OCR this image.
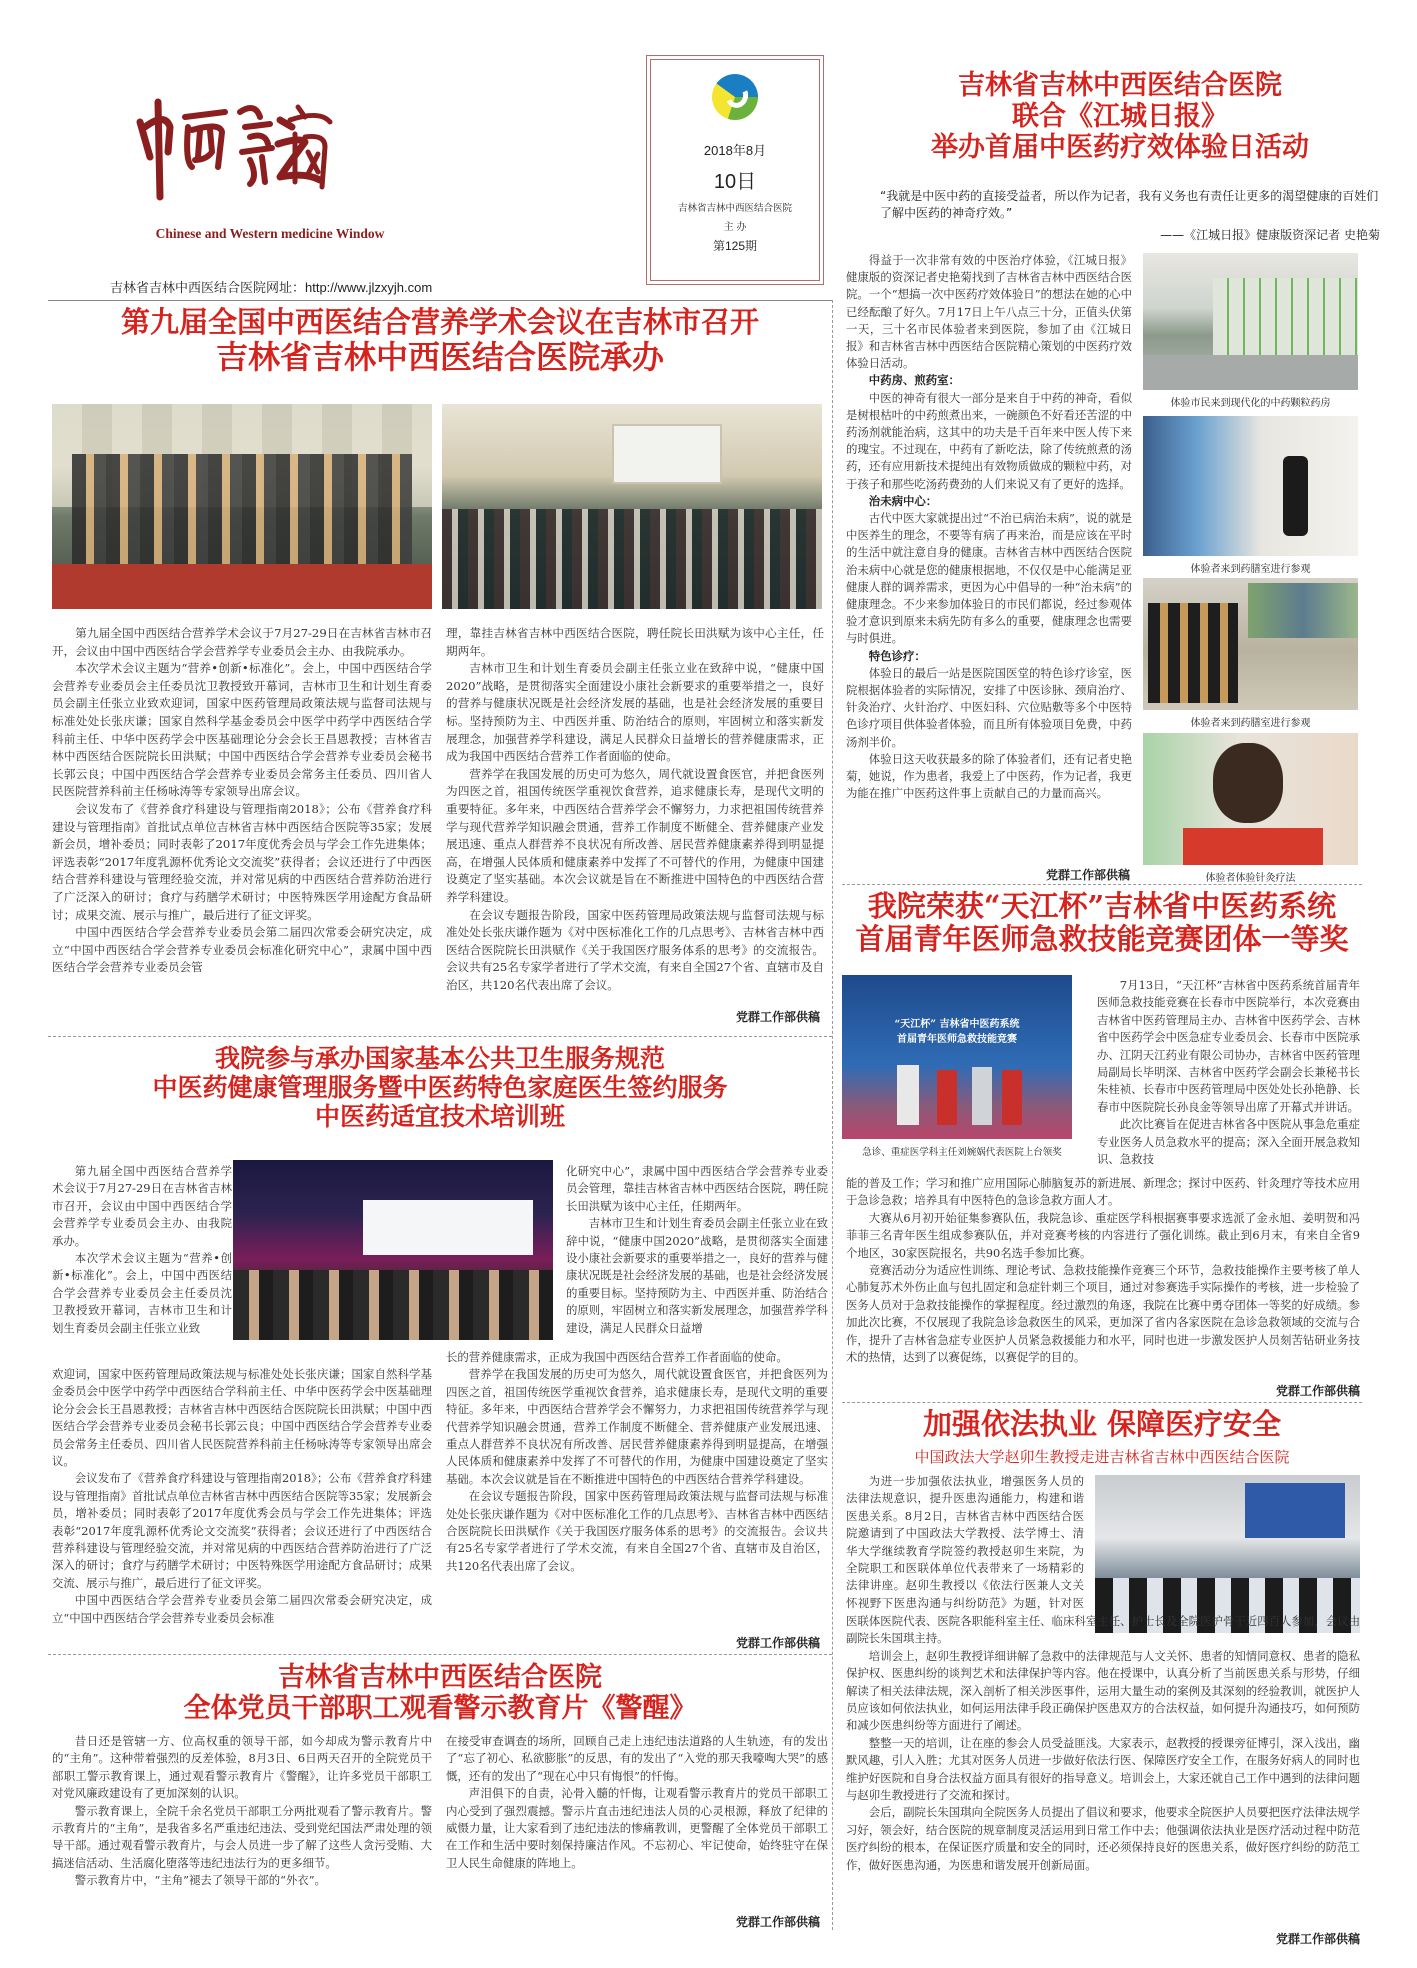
Chinese and Western medicine Window
2018年8月
10日
吉林省吉林中西医结合医院
主 办
第125期
吉林省吉林中西医结合医院网址：http://www.jlzxyjh.com
第九届全国中西医结合营养学术会议在吉林市召开
吉林省吉林中西医结合医院承办

第九届全国中西医结合营养学术会议于7月27-29日在吉林省吉林市召开，会议由中国中西医结合学会营养学专业委员会主办、由我院承办。

本次学术会议主题为“营养•创新•标准化”。会上，中国中西医结合学会营养专业委员会主任委员沈卫教授致开幕词，吉林市卫生和计划生育委员会副主任张立业致欢迎词，国家中医药管理局政策法规与监督司法规与标准处处长张庆谦；国家自然科学基金委员会中医学中药学中西医结合学科前主任、中华中医药学会中医基础理论分会会长王昌恩教授；吉林省吉林中西医结合医院院长田洪赋；中国中西医结合学会营养专业委员会秘书长郭云良；中国中西医结合学会营养专业委员会常务主任委员、四川省人民医院营养科前主任杨咏涛等专家领导出席会议。

会议发布了《营养食疗科建设与管理指南2018》；公布《营养食疗科建设与管理指南》首批试点单位吉林省吉林中西医结合医院等35家；发展新会员，增补委员；同时表彰了2017年度优秀会员与学会工作先进集体；评选表彰“2017年度乳源杯优秀论文交流奖”获得者；会议还进行了中西医结合营养科建设与管理经验交流，并对常见病的中西医结合营养防治进行了广泛深入的研讨；食疗与药膳学术研讨；中医特殊医学用途配方食品研讨；成果交流、展示与推广，最后进行了征文评奖。

中国中西医结合学会营养专业委员会第二届四次常委会研究决定，成立“中国中西医结合学会营养专业委员会标准化研究中心”，隶属中国中西医结合学会营养专业委员会管

理，靠挂吉林省吉林中西医结合医院，聘任院长田洪赋为该中心主任，任期两年。

吉林市卫生和计划生育委员会副主任张立业在致辞中说，“健康中国2020”战略，是贯彻落实全面建设小康社会新要求的重要举措之一，良好的营养与健康状况既是社会经济发展的基础，也是社会经济发展的重要目标。坚持预防为主、中西医并重、防治结合的原则，牢固树立和落实新发展理念，加强营养学科建设，满足人民群众日益增长的营养健康需求，正成为我国中西医结合营养工作者面临的使命。

营养学在我国发展的历史可为悠久，周代就设置食医官，并把食医列为四医之首，祖国传统医学重视饮食营养，追求健康长寿，是现代文明的重要特征。多年来，中西医结合营养学会不懈努力，力求把祖国传统营养学与现代营养学知识融会贯通，营养工作制度不断健全、营养健康产业发展迅速、重点人群营养不良状况有所改善、居民营养健康素养得到明显提高，在增强人民体质和健康素养中发挥了不可替代的作用，为健康中国建设奠定了坚实基础。本次会议就是旨在不断推进中国特色的中西医结合营养学科建设。

在会议专题报告阶段，国家中医药管理局政策法规与监督司法规与标准处处长张庆谦作题为《对中医标准化工作的几点思考》、吉林省吉林中西医结合医院院长田洪赋作《关于我国医疗服务体系的思考》的交流报告。会议共有25名专家学者进行了学术交流，有来自全国27个省、直辖市及自治区，共120名代表出席了会议。

党群工作部供稿
吉林省吉林中西医结合医院
联合《江城日报》
举办首届中医药疗效体验日活动
“我就是中医中药的直接受益者，所以作为记者，我有义务也有责任让更多的渴望健康的百姓们了解中医药的神奇疗效。”
——《江城日报》健康版资深记者 史艳菊

得益于一次非常有效的中医治疗体验，《江城日报》健康版的资深记者史艳菊找到了吉林省吉林中西医结合医院。一个“想搞一次中医药疗效体验日”的想法在她的心中已经酝酿了好久。7月17日上午八点三十分，正值头伏第一天，三十名市民体验者来到医院，参加了由《江城日报》和吉林省吉林中西医结合医院精心策划的中医药疗效体验日活动。

中药房、煎药室：

中医的神奇有很大一部分是来自于中药的神奇，看似是树根枯叶的中药煎煮出来，一碗颜色不好看还苦涩的中药汤剂就能治病，这其中的功夫是千百年来中医人传下来的瑰宝。不过现在，中药有了新吃法，除了传统煎煮的汤药，还有应用新技术提纯出有效物质做成的颗粒中药，对于孩子和那些吃汤药费劲的人们来说又有了更好的选择。

治未病中心：

古代中医大家就提出过“不治已病治未病”，说的就是中医养生的理念，不要等有病了再来治，而是应该在平时的生活中就注意自身的健康。吉林省吉林中西医结合医院治未病中心就是您的健康根据地，不仅仅是中心能满足亚健康人群的调养需求，更因为心中倡导的一种“治未病”的健康理念。不少来参加体验日的市民们都说，经过参观体验才意识到原来未病先防有多么的重要，健康理念也需要与时俱进。

特色诊疗：

体验日的最后一站是医院国医堂的特色诊疗诊室，医院根据体验者的实际情况，安排了中医诊脉、颈肩治疗、针灸治疗、火针治疗、中医妇科、穴位贴敷等多个中医特色诊疗项目供体验者体验，而且所有体验项目免费，中药汤剂半价。

体验日这天收获最多的除了体验者们，还有记者史艳菊，她说，作为患者，我爱上了中医药，作为记者，我更为能在推广中医药这件事上贡献自己的力量而高兴。

党群工作部供稿
体验市民来到现代化的中药颗粒药房
体验者来到药膳室进行参观
体验者来到药膳室进行参观
体验者体验针灸疗法
我院荣获“天江杯”吉林省中医药系统
首届青年医师急救技能竞赛团体一等奖
“天江杯” 吉林省中医药系统
首届青年医师急救技能竞赛
急诊、重症医学科主任刘婉娲代表医院上台领奖

7月13日，“天江杯”吉林省中医药系统首届青年医师急救技能竞赛在长春市中医院举行，本次竞赛由吉林省中医药管理局主办、吉林省中医药学会、吉林省中医药学会中医急症专业委员会、长春市中医院承办、江阴天江药业有限公司协办，吉林省中医药管理局副局长毕明深、吉林省中医药学会副会长兼秘书长朱桂祯、长春市中医药管理局中医处处长孙艳静、长春市中医院院长孙良金等领导出席了开幕式并讲话。

此次比赛旨在促进吉林省各中医院从事急危重症专业医务人员急救水平的提高；深入全面开展急救知识、急救技

能的普及工作；学习和推广应用国际心肺脑复苏的新进展、新理念；探讨中医药、针灸理疗等技术应用于急诊急救；培养具有中医特色的急诊急救方面人才。

大赛从6月初开始征集参赛队伍，我院急诊、重症医学科根据赛事要求选派了金永旭、姜明贺和冯菲菲三名青年医生组成参赛队伍，并对竞赛考核的内容进行了强化训练。截止到6月末，有来自全省9个地区，30家医院报名，共90名选手参加比赛。

竞赛活动分为适应性训练、理论考试、急救技能操作竞赛三个环节，急救技能操作主要考核了单人心肺复苏术外伤止血与包扎固定和急症针刺三个项目，通过对参赛选手实际操作的考核，进一步检验了医务人员对于急救技能操作的掌握程度。经过激烈的角逐，我院在比赛中勇夺团体一等奖的好成绩。参加此次比赛，不仅展现了我院急诊急救医生的风采，更加深了省内各家医院在急诊急救领域的交流与合作，提升了吉林省急症专业医护人员紧急救援能力和水平，同时也进一步激发医护人员刻苦钻研业务技术的热情，达到了以赛促练，以赛促学的目的。

党群工作部供稿
加强依法执业 保障医疗安全
中国政法大学赵卯生教授走进吉林省吉林中西医结合医院

为进一步加强依法执业，增强医务人员的法律法规意识，提升医患沟通能力，构建和谐医患关系。8月2日，吉林省吉林中西医结合医院邀请到了中国政法大学教授、法学博士、清华大学继续教育学院签约教授赵卯生来院，为全院职工和医联体单位代表带来了一场精彩的法律讲座。赵卯生教授以《依法行医兼人文关怀视野下医患沟通与纠纷防范》为题，针对医

医联体医院代表、医院各职能科室主任、临床科室主任、护士长及全院医护骨干近四百人参加，会议由副院长朱国琪主持。

培训会上，赵卯生教授详细讲解了急救中的法律规范与人文关怀、患者的知情同意权、患者的隐私保护权、医患纠纷的谈判艺术和法律保护等内容。他在授课中，认真分析了当前医患关系与形势，仔细解读了相关法律法规，深入剖析了相关涉医事件，运用大量生动的案例及其深刻的经验教训，就医护人员应该如何依法执业，如何运用法律手段正确保护医患双方的合法权益，如何提升沟通技巧，如何预防和减少医患纠纷等方面进行了阐述。

整整一天的培训，让在座的参会人员受益匪浅。大家表示，赵教授的授课旁征博引，深入浅出，幽默风趣，引人入胜；尤其对医务人员进一步做好依法行医、保障医疗安全工作，在服务好病人的同时也维护好医院和自身合法权益方面具有很好的指导意义。培训会上，大家还就自己工作中遇到的法律问题与赵卯生教授进行了交流和探讨。

会后，副院长朱国琪向全院医务人员提出了倡议和要求，他要求全院医护人员要把医疗法律法规学习好，领会好，结合医院的规章制度灵活运用到日常工作中去；他强调依法执业是医疗活动过程中防范医疗纠纷的根本，在保证医疗质量和安全的同时，还必须保持良好的医患关系，做好医疗纠纷的防范工作，做好医患沟通，为医患和谐发展开创新局面。

党群工作部供稿
我院参与承办国家基本公共卫生服务规范
中医药健康管理服务暨中医药特色家庭医生签约服务
中医药适宜技术培训班

第九届全国中西医结合营养学术会议于7月27-29日在吉林省吉林市召开，会议由中国中西医结合学会营养学专业委员会主办、由我院承办。

本次学术会议主题为“营养•创新•标准化”。会上，中国中西医结合学会营养专业委员会主任委员沈卫教授致开幕词，吉林市卫生和计划生育委员会副主任张立业致

化研究中心”，隶属中国中西医结合学会营养专业委员会管理，靠挂吉林省吉林中西医结合医院，聘任院长田洪赋为该中心主任，任期两年。

吉林市卫生和计划生育委员会副主任张立业在致辞中说，“健康中国2020”战略，是贯彻落实全面建设小康社会新要求的重要举措之一，良好的营养与健康状况既是社会经济发展的基础，也是社会经济发展的重要目标。坚持预防为主、中西医并重、防治结合的原则，牢固树立和落实新发展理念，加强营养学科建设，满足人民群众日益增

欢迎词，国家中医药管理局政策法规与标准处处长张庆谦；国家自然科学基金委员会中医学中药学中西医结合学科前主任、中华中医药学会中医基础理论分会会长王昌恩教授；吉林省吉林中西医结合医院院长田洪赋；中国中西医结合学会营养专业委员会秘书长郭云良；中国中西医结合学会营养专业委员会常务主任委员、四川省人民医院营养科前主任杨咏涛等专家领导出席会议。

会议发布了《营养食疗科建设与管理指南2018》；公布《营养食疗科建设与管理指南》首批试点单位吉林省吉林中西医结合医院等35家；发展新会员，增补委员；同时表彰了2017年度优秀会员与学会工作先进集体；评选表彰“2017年度乳源杯优秀论文交流奖”获得者；会议还进行了中西医结合营养科建设与管理经验交流，并对常见病的中西医结合营养防治进行了广泛深入的研讨；食疗与药膳学术研讨；中医特殊医学用途配方食品研讨；成果交流、展示与推广，最后进行了征文评奖。

中国中西医结合学会营养专业委员会第二届四次常委会研究决定，成立“中国中西医结合学会营养专业委员会标准

长的营养健康需求，正成为我国中西医结合营养工作者面临的使命。

营养学在我国发展的历史可为悠久，周代就设置食医官，并把食医列为四医之首，祖国传统医学重视饮食营养，追求健康长寿，是现代文明的重要特征。多年来，中西医结合营养学会不懈努力，力求把祖国传统营养学与现代营养学知识融会贯通，营养工作制度不断健全、营养健康产业发展迅速、重点人群营养不良状况有所改善、居民营养健康素养得到明显提高，在增强人民体质和健康素养中发挥了不可替代的作用，为健康中国建设奠定了坚实基础。本次会议就是旨在不断推进中国特色的中西医结合营养学科建设。

在会议专题报告阶段，国家中医药管理局政策法规与监督司法规与标准处处长张庆谦作题为《对中医标准化工作的几点思考》、吉林省吉林中西医结合医院院长田洪赋作《关于我国医疗服务体系的思考》的交流报告。会议共有25名专家学者进行了学术交流，有来自全国27个省、直辖市及自治区，共120名代表出席了会议。

党群工作部供稿
吉林省吉林中西医结合医院
全体党员干部职工观看警示教育片《警醒》

昔日还是管辖一方、位高权重的领导干部，如今却成为警示教育片中的“主角”。这种带着强烈的反差体验，8月3日、6日两天召开的全院党员干部职工警示教育课上，通过观看警示教育片《警醒》，让许多党员干部职工对党风廉政建设有了更加深刻的认识。

警示教育课上，全院千余名党员干部职工分两批观看了警示教育片。警示教育片的“主角”，是我省多名严重违纪违法、受到党纪国法严肃处理的领导干部。通过观看警示教育片，与会人员进一步了解了这些人贪污受贿、大搞迷信活动、生活腐化堕落等违纪违法行为的更多细节。

警示教育片中，“主角”褪去了领导干部的“外衣”。

在接受审查调查的场所，回顾自己走上违纪违法道路的人生轨迹，有的发出了“忘了初心、私欲膨胀”的反思，有的发出了“入党的那天我嚎啕大哭”的感慨，还有的发出了“现在心中只有悔恨”的忏悔。

声泪俱下的自责，沁骨入髓的忏悔，让观看警示教育片的党员干部职工内心受到了强烈震撼。警示片直击违纪违法人员的心灵根源，释放了纪律的威慑力量，让大家看到了违纪违法的惨痛教训，更警醒了全体党员干部职工在工作和生活中要时刻保持廉洁作风。不忘初心、牢记使命，始终驻守在保卫人民生命健康的阵地上。

党群工作部供稿
